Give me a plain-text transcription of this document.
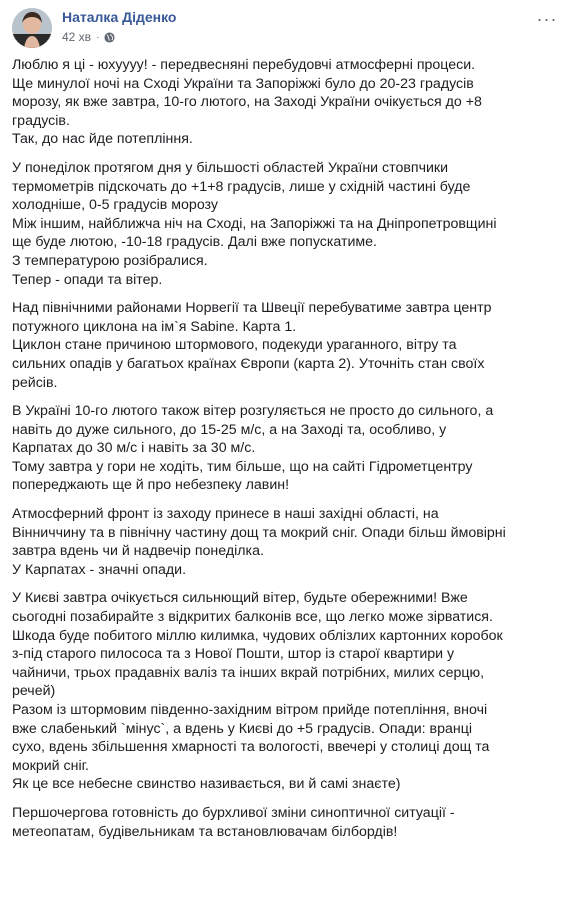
Наталка Діденко
42 хв ·
···

Люблю я ці - юхуууу! - передвесняні перебудовчі атмосферні процеси.
Ще минулої ночі на Сході України та Запоріжжі було до 20-23 градусів
морозу, як вже завтра, 10-го лютого, на Заході України очікується до +8
градусів.
Так, до нас йде потепління.

У понеділок протягом дня у більшості областей України стовпчики
термометрів підскочать до +1+8 градусів, лише у східній частині буде
холодніше, 0-5 градусів морозу
Між іншим, найближча ніч на Сході, на Запоріжжі та на Дніпропетровщині
ще буде лютою, -10-18 градусів. Далі вже попускатиме.
З температурою розібралися.
Тепер - опади та вітер.

Над північними районами Норвегії та Швеції перебуватиме завтра центр
потужного циклона на ім`я Sabine. Карта 1.
Циклон стане причиною штормового, подекуди ураганного, вітру та
сильних опадів у багатьох країнах Європи (карта 2). Уточніть стан своїх
рейсів.

В Україні 10-го лютого також вітер розгуляється не просто до сильного, а
навіть до дуже сильного, до 15-25 м/с, а на Заході та, особливо, у
Карпатах до 30 м/с і навіть за 30 м/с.
Тому завтра у гори не ходіть, тим більше, що на сайті Гідрометцентру
попереджають ще й про небезпеку лавин!

Атмосферний фронт із заходу принесе в наші західні області, на
Вінниччину та в північну частину дощ та мокрий сніг. Опади більш ймовірні
завтра вдень чи й надвечір понеділка.
У Карпатах - значні опади.

У Києві завтра очікується сильнющий вітер, будьте обережними! Вже
сьогодні позабирайте з відкритих балконів все, що легко може зірватися.
Шкода буде побитого міллю килимка, чудових облізлих картонних коробок
з-під старого пилососа та з Нової Пошти, штор із старої квартири у
чайничи, трьох прадавніх валіз та інших вкрай потрібних, милих серцю,
речей)
Разом із штормовим південно-західним вітром прийде потепління, вночі
вже слабенький `мінус`, а вдень у Києві до +5 градусів. Опади: вранці
сухо, вдень збільшення хмарності та вологості, ввечері у столиці дощ та
мокрий сніг.
Як це все небесне свинство називається, ви й самі знаєте)

Першочергова готовність до бурхливої зміни синоптичної ситуації -
метеопатам, будівельникам та встановлювачам білбордів!
